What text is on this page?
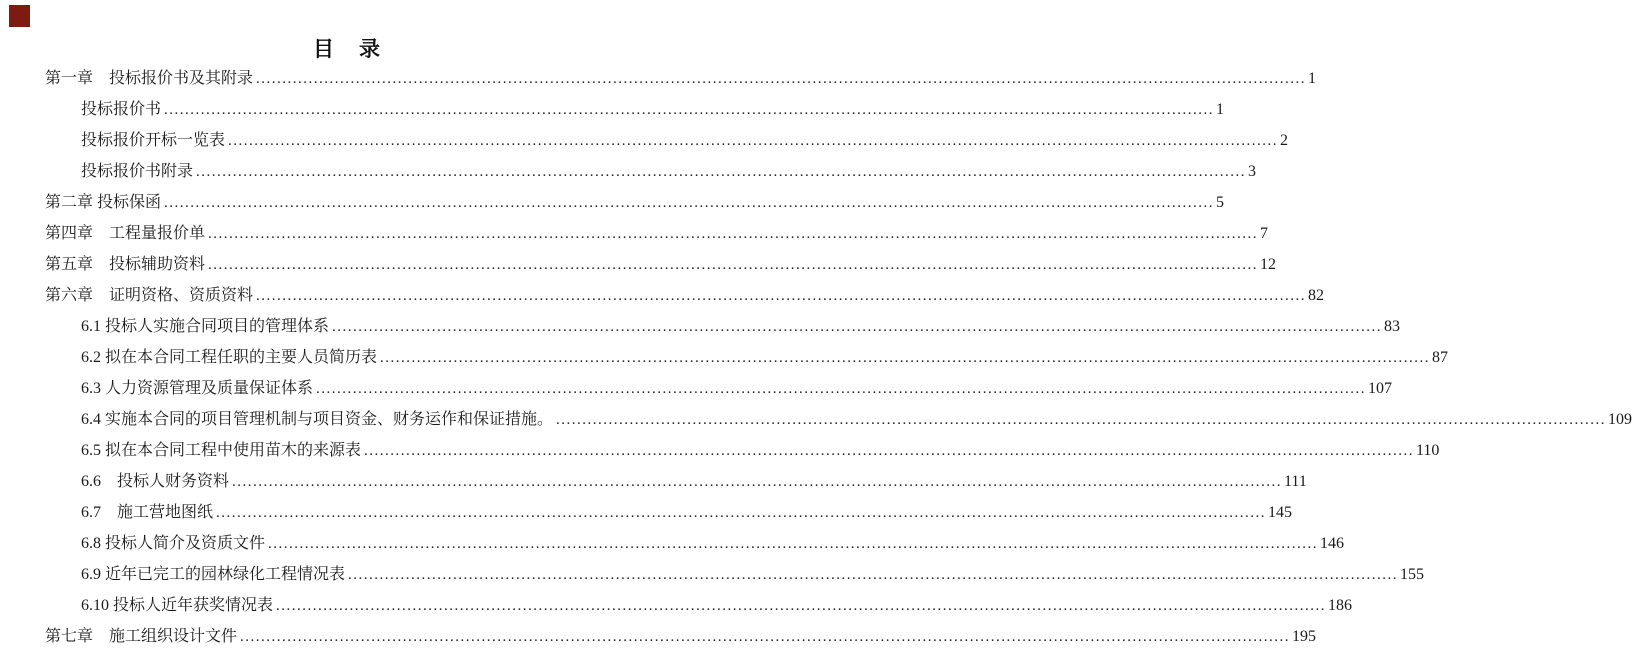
目　录
第一章　投标报价书及其附录 ........................................................................................................................................................................................................ 1
投标报价书 ........................................................................................................................................................................................................ 1
投标报价开标一览表 ........................................................................................................................................................................................................ 2
投标报价书附录 ........................................................................................................................................................................................................ 3
第二章 投标保函 ........................................................................................................................................................................................................ 5
第四章　工程量报价单 ........................................................................................................................................................................................................ 7
第五章　投标辅助资料 ........................................................................................................................................................................................................ 12
第六章　证明资格、资质资料 ........................................................................................................................................................................................................ 82
6.1 投标人实施合同项目的管理体系 ........................................................................................................................................................................................................ 83
6.2 拟在本合同工程任职的主要人员简历表 ........................................................................................................................................................................................................ 87
6.3 人力资源管理及质量保证体系 ........................................................................................................................................................................................................ 107
6.4 实施本合同的项目管理机制与项目资金、财务运作和保证措施。 ........................................................................................................................................................................................................ 109
6.5 拟在本合同工程中使用苗木的来源表 ........................................................................................................................................................................................................ 110
6.6　投标人财务资料 ........................................................................................................................................................................................................ 111
6.7　施工营地图纸 ........................................................................................................................................................................................................ 145
6.8 投标人简介及资质文件 ........................................................................................................................................................................................................ 146
6.9 近年已完工的园林绿化工程情况表 ........................................................................................................................................................................................................ 155
6.10 投标人近年获奖情况表 ........................................................................................................................................................................................................ 186
第七章　施工组织设计文件 ........................................................................................................................................................................................................ 195
